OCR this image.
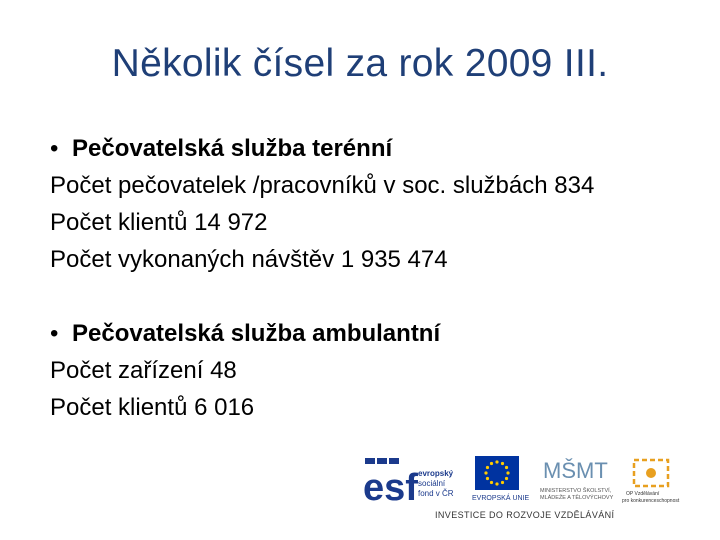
Několik čísel za rok 2009 III.
• Pečovatelská služba terénní
Počet pečovatelek /pracovníků v soc. službách 834
Počet klientů 14 972
Počet vykonaných návštěv 1 935 474
• Pečovatelská služba ambulantní
Počet zařízení 48
Počet klientů 6 016
esf evropský
sociální
fond v ČR
EVROPSKÁ UNIE
MŠMT
MINISTERSTVO ŠKOLSTVÍ,
MLÁDEŽE A TĚLOVÝCHOVY
OP Vzdělávání
pro konkurenceschopnost
INVESTICE DO ROZVOJE VZDĚLÁVÁNÍ
